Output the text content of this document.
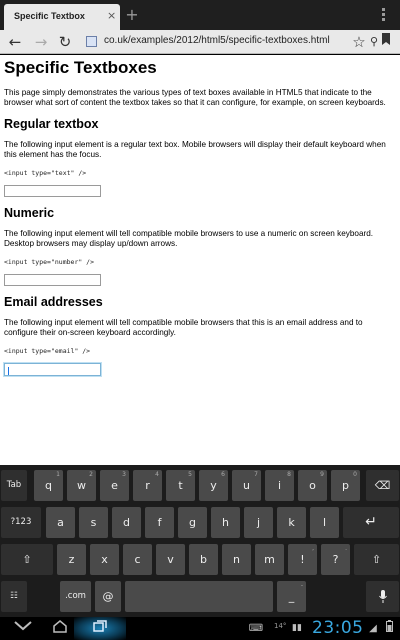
Specific Textbox × +
← → ↻	co.uk/examples/2012/html5/specific-textboxes.html ☆ ⚲
Specific Textboxes

This page simply demonstrates the various types of text boxes available in HTML5 that indicate to the browser what sort of content the textbox takes so that it can configure, for example, on screen keyboards.

Regular textbox

The following input element is a regular text box. Mobile browsers will display their default keyboard when this element has the focus.

<input type="text" />
Numeric

The following input element will tell compatible mobile browsers to use a numeric on screen keyboard. Desktop browsers may display up/down arrows.

<input type="number" />
Email addresses

The following input element will tell compatible mobile browsers that this is an email address and to configure their on-screen keyboard accordingly.

<input type="email" />
Tab	q
1
w
2
e
3
r
4
t
5
y
6
u
7
i
8
o
9
p
0
⌫
?123	a	s	d	f	g	h	j	k	l	↵
⇧	z	x	c	v	b	n	m	!
,
?
.
⇧
☷	.com	@	_
-
⌨ 14° ▮▮ 23:05 ◢
